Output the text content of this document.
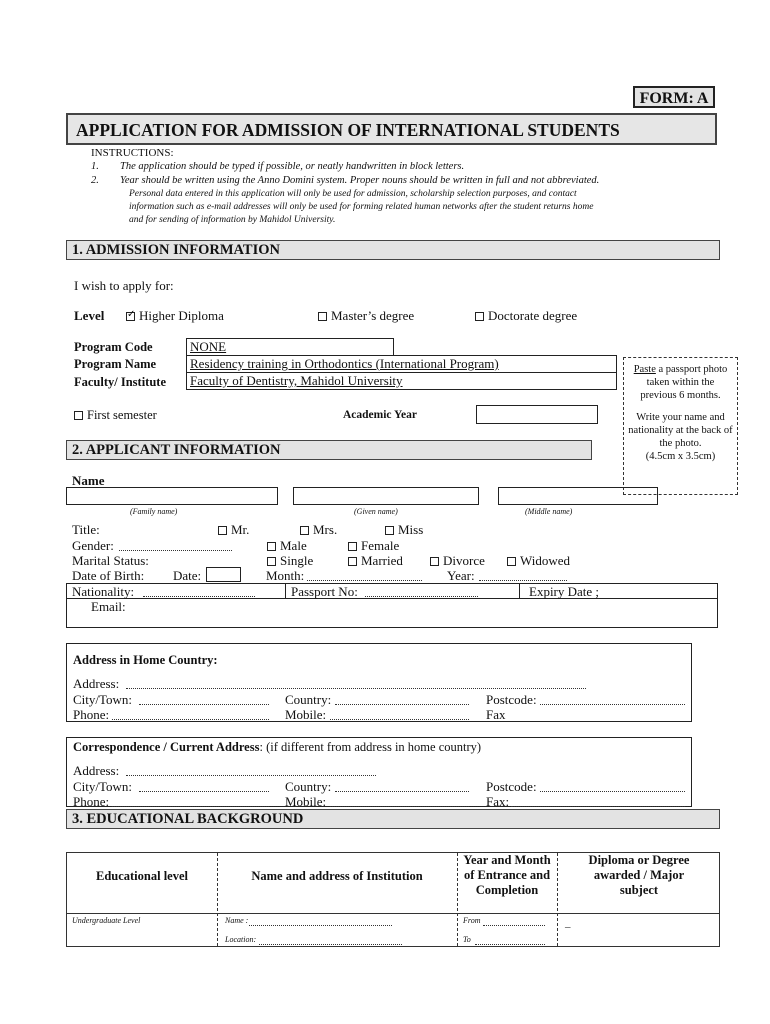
FORM: A
APPLICATION FOR ADMISSION OF INTERNATIONAL STUDENTS
INSTRUCTIONS:
1. The application should be typed if possible, or neatly handwritten in block letters.
2. Year should be written using the Anno Domini system. Proper nouns should be written in full and not abbreviated.
Personal data entered in this application will only be used for admission, scholarship selection purposes, and contact
information such as e-mail addresses will only be used for forming related human networks after the student returns home
and for sending of information by Mahidol University.
1. ADMISSION INFORMATION
I wish to apply for:
Level
✓	Higher Diploma	Master’s degree	Doctorate degree
Program Code	NONE
Program Name	Residency training in Orthodontics (International Program)
Faculty/ Institute	Faculty of Dentistry, Mahidol University
First semester	Academic Year
Paste a passport photo taken within the previous 6 months.
Write your name and nationality at the back of the photo.
(4.5cm x 3.5cm)
2. APPLICANT INFORMATION
Name
(Family name)	(Given name)	(Middle name)
Title:	Mr.	Mrs.	Miss
Gender:	Male	Female
Marital Status:	Single	Married	Divorce	Widowed
Date of Birth: Date:	Month:	Year:
Nationality:	Passport No:	Expiry Date ;
Email:
Address in Home Country:
Address:
City/Town:	Country:	Postcode:
Phone:	Mobile:	Fax
Correspondence / Current Address: (if different from address in home country)
Address:
City/Town:	Country:	Postcode:
Phone:	Mobile:	Fax:
3. EDUCATIONAL BACKGROUND
Educational level	Name and address of Institution
Year and Month of Entrance and Completion
Diploma or Degree awarded / Major subject
Undergraduate Level	Name :
Location:
From
To
_
